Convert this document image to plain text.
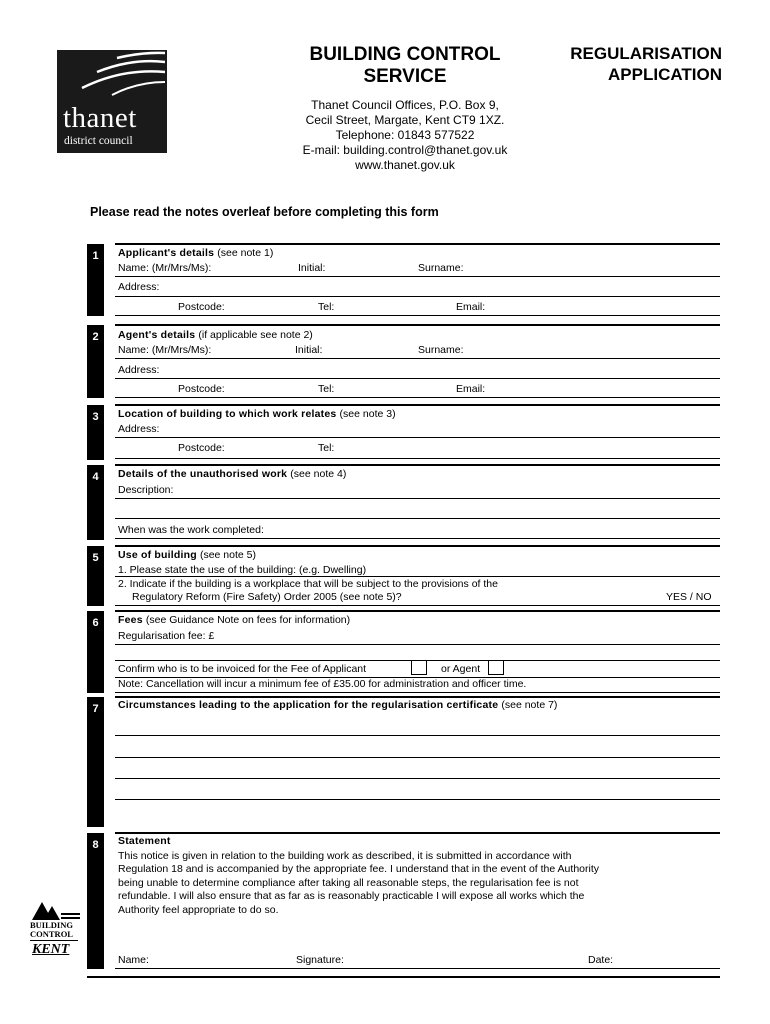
thanet
district council
BUILDING CONTROL
SERVICE
REGULARISATION
APPLICATION
Thanet Council Offices, P.O. Box 9,
Cecil Street, Margate, Kent CT9 1XZ.
Telephone: 01843 577522
E-mail: building.control@thanet.gov.uk
www.thanet.gov.uk
Please read the notes overleaf before completing this form
1	Applicant's details (see note 1)
Name: (Mr/Mrs/Ms):	Initial:	Surname:
Address:
Postcode:	Tel:	Email:
2	Agent's details (if applicable see note 2)
Name: (Mr/Mrs/Ms):	Initial:	Surname:
Address:
Postcode:	Tel:	Email:
3	Location of building to which work relates (see note 3)
Address:
Postcode:	Tel:
4	Details of the unauthorised work (see note 4)
Description:
When was the work completed:
5	Use of building (see note 5)
1. Please state the use of the building: (e.g. Dwelling)
2. Indicate if the building is a workplace that will be subject to the provisions of the
Regulatory Reform (Fire Safety) Order 2005 (see note 5)?	YES / NO
6	Fees (see Guidance Note on fees for information)
Regularisation fee: £
Confirm who is to be invoiced for the Fee of Applicant	or Agent
Note: Cancellation will incur a minimum fee of £35.00 for administration and officer time.
7	Circumstances leading to the application for the regularisation certificate (see note 7)
8	Statement
This notice is given in relation to the building work as described, it is submitted in accordance with
Regulation 18 and is accompanied by the appropriate fee. I understand that in the event of the Authority
being unable to determine compliance after taking all reasonable steps, the regularisation fee is not
refundable. I will also ensure that as far as is reasonably practicable I will expose all works which the
Authority feel appropriate to do so.
Name:	Signature:	Date:
BUILDING
CONTROL
KENT
